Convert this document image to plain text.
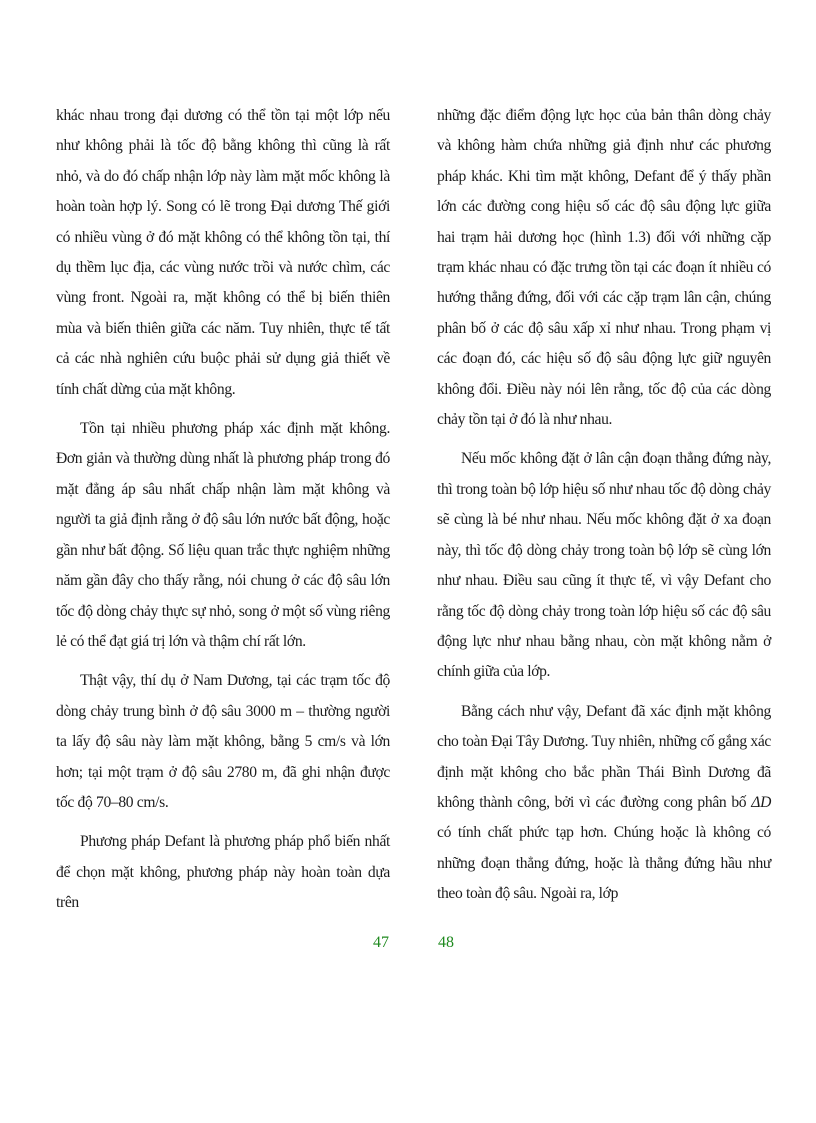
khác nhau trong đại dương có thể tồn tại một lớp nếu như không phải là tốc độ bằng không thì cũng là rất nhỏ, và do đó chấp nhận lớp này làm mặt mốc không là hoàn toàn hợp lý. Song có lẽ trong Đại dương Thế giới có nhiều vùng ở đó mặt không có thể không tồn tại, thí dụ thềm lục địa, các vùng nước trồi và nước chìm, các vùng front. Ngoài ra, mặt không có thể bị biến thiên mùa và biến thiên giữa các năm. Tuy nhiên, thực tế tất cả các nhà nghiên cứu buộc phải sử dụng giả thiết về tính chất dừng của mặt không.

Tồn tại nhiều phương pháp xác định mặt không. Đơn giản và thường dùng nhất là phương pháp trong đó mặt đẳng áp sâu nhất chấp nhận làm mặt không và người ta giả định rằng ở độ sâu lớn nước bất động, hoặc gần như bất động. Số liệu quan trắc thực nghiệm những năm gần đây cho thấy rằng, nói chung ở các độ sâu lớn tốc độ dòng chảy thực sự nhỏ, song ở một số vùng riêng lẻ có thể đạt giá trị lớn và thậm chí rất lớn.

Thật vậy, thí dụ ở Nam Dương, tại các trạm tốc độ dòng chảy trung bình ở độ sâu 3000 m – thường người ta lấy độ sâu này làm mặt không, bằng 5 cm/s và lớn hơn; tại một trạm ở độ sâu 2780 m, đã ghi nhận được tốc độ 70–80 cm/s.

Phương pháp Defant là phương pháp phổ biến nhất để chọn mặt không, phương pháp này hoàn toàn dựa trên

những đặc điểm động lực học của bản thân dòng chảy và không hàm chứa những giả định như các phương pháp khác. Khi tìm mặt không, Defant để ý thấy phần lớn các đường cong hiệu số các độ sâu động lực giữa hai trạm hải dương học (hình 1.3) đối với những cặp trạm khác nhau có đặc trưng tồn tại các đoạn ít nhiều có hướng thẳng đứng, đối với các cặp trạm lân cận, chúng phân bố ở các độ sâu xấp xỉ như nhau. Trong phạm vị các đoạn đó, các hiệu số độ sâu động lực giữ nguyên không đổi. Điều này nói lên rằng, tốc độ của các dòng chảy tồn tại ở đó là như nhau.

Nếu mốc không đặt ở lân cận đoạn thẳng đứng này, thì trong toàn bộ lớp hiệu số như nhau tốc độ dòng chảy sẽ cùng là bé như nhau. Nếu mốc không đặt ở xa đoạn này, thì tốc độ dòng chảy trong toàn bộ lớp sẽ cùng lớn như nhau. Điều sau cũng ít thực tế, vì vậy Defant cho rằng tốc độ dòng chảy trong toàn lớp hiệu số các độ sâu động lực như nhau bằng nhau, còn mặt không nằm ở chính giữa của lớp.

Bằng cách như vậy, Defant đã xác định mặt không cho toàn Đại Tây Dương. Tuy nhiên, những cố gắng xác định mặt không cho bắc phần Thái Bình Dương đã không thành công, bởi vì các đường cong phân bố ΔD có tính chất phức tạp hơn. Chúng hoặc là không có những đoạn thẳng đứng, hoặc là thẳng đứng hầu như theo toàn độ sâu. Ngoài ra, lớp

47	48
